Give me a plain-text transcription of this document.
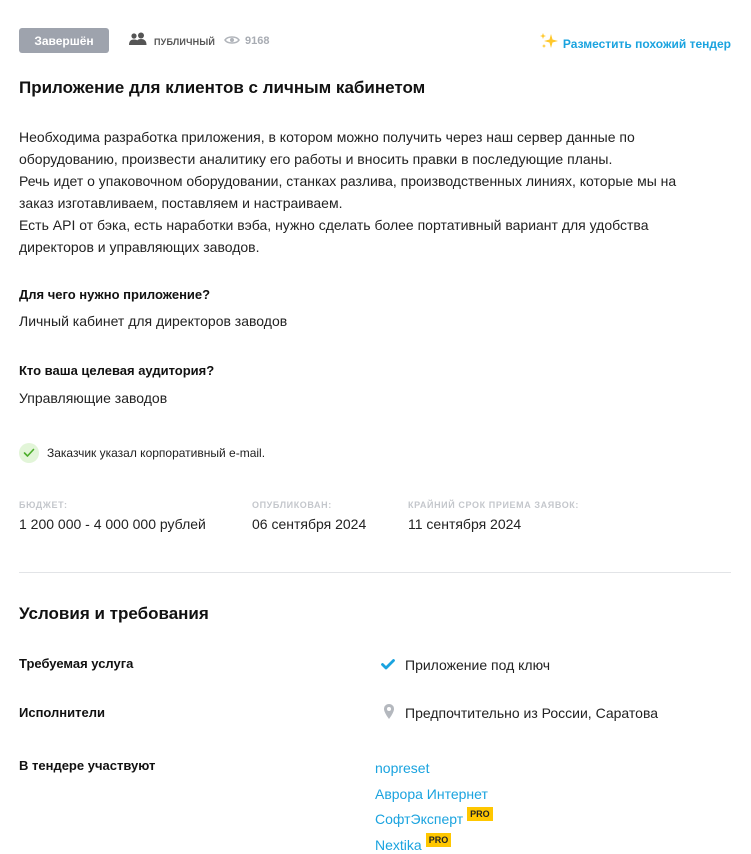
Завершён	ПУБЛИЧНЫЙ	9168	Разместить похожий тендер
Приложение для клиентов с личным кабинетом

Необходима разработка приложения, в котором можно получить через наш сервер данные по

оборудованию, произвести аналитику его работы и вносить правки в последующие планы.

Речь идет о упаковочном оборудовании, станках разлива, производственных линиях, которые мы на

заказ изготавливаем, поставляем и настраиваем.

Есть API от бэка, есть наработки вэба, нужно сделать более портативный вариант для удобства

директоров и управляющих заводов.

Для чего нужно приложение?
Личный кабинет для директоров заводов
Кто ваша целевая аудитория?
Управляющие заводов
Заказчик указал корпоративный e-mail.
БЮДЖЕТ:
1 200 000 - 4 000 000 рублей
ОПУБЛИКОВАН:
06 сентября 2024
КРАЙНИЙ СРОК ПРИЕМА ЗАЯВОК:
11 сентября 2024
Условия и требования
Требуемая услуга	Приложение под ключ
Исполнители	Предпочтительно из России, Саратова
В тендере участвуют	nopreset
Аврора Интернет
СофтЭксперт PRO
Nextika PRO
